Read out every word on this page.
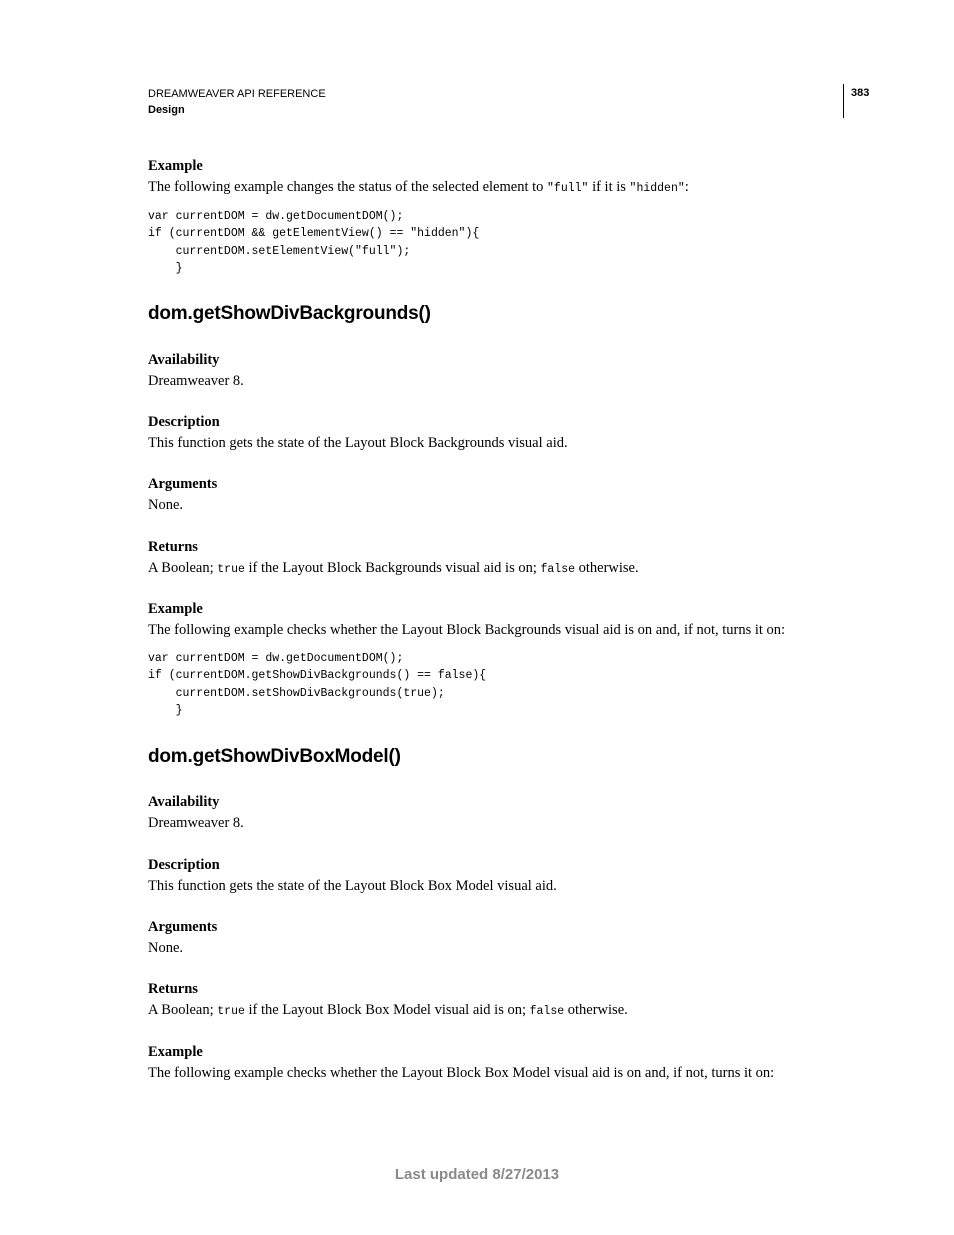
DREAMWEAVER API REFERENCE

Design

383

Example

The following example changes the status of the selected element to "full" if it is "hidden":

var currentDOM = dw.getDocumentDOM();
if (currentDOM && getElementView() == "hidden"){
currentDOM.setElementView("full");
}

dom.getShowDivBackgrounds()

Availability

Dreamweaver 8.

Description

This function gets the state of the Layout Block Backgrounds visual aid.

Arguments

None.

Returns

A Boolean; true if the Layout Block Backgrounds visual aid is on; false otherwise.

Example

The following example checks whether the Layout Block Backgrounds visual aid is on and, if not, turns it on:

var currentDOM = dw.getDocumentDOM();
if (currentDOM.getShowDivBackgrounds() == false){
currentDOM.setShowDivBackgrounds(true);
}

dom.getShowDivBoxModel()

Availability

Dreamweaver 8.

Description

This function gets the state of the Layout Block Box Model visual aid.

Arguments

None.

Returns

A Boolean; true if the Layout Block Box Model visual aid is on; false otherwise.

Example

The following example checks whether the Layout Block Box Model visual aid is on and, if not, turns it on:

Last updated 8/27/2013
